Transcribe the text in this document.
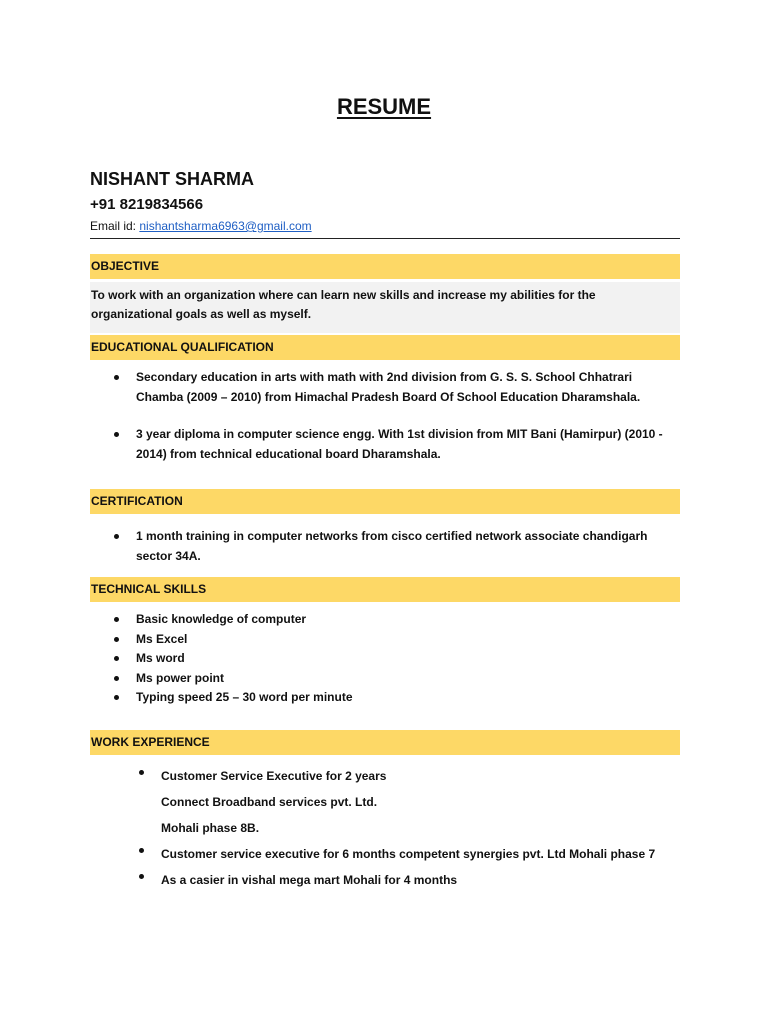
RESUME
NISHANT SHARMA
+91 8219834566
Email id: nishantsharma6963@gmail.com
OBJECTIVE
To work with an organization where can learn new skills and increase my abilities for the organizational goals as well as myself.
EDUCATIONAL QUALIFICATION
Secondary education in arts with math with 2nd division from G. S. S. School Chhatrari Chamba (2009 – 2010) from Himachal Pradesh Board Of School Education Dharamshala.
3 year diploma in computer science engg. With 1st division from MIT Bani (Hamirpur) (2010 - 2014) from technical educational board Dharamshala.
CERTIFICATION
1 month training in computer networks from cisco certified network associate chandigarh sector 34A.
TECHNICAL SKILLS
Basic knowledge of computer
Ms Excel
Ms word
Ms power point
Typing speed 25 – 30 word per minute
WORK EXPERIENCE
Customer Service Executive for 2 years
Connect Broadband services pvt. Ltd.
Mohali phase 8B.
Customer service executive for 6 months competent synergies pvt. Ltd Mohali phase 7
As a casier in vishal mega mart Mohali for 4 months
